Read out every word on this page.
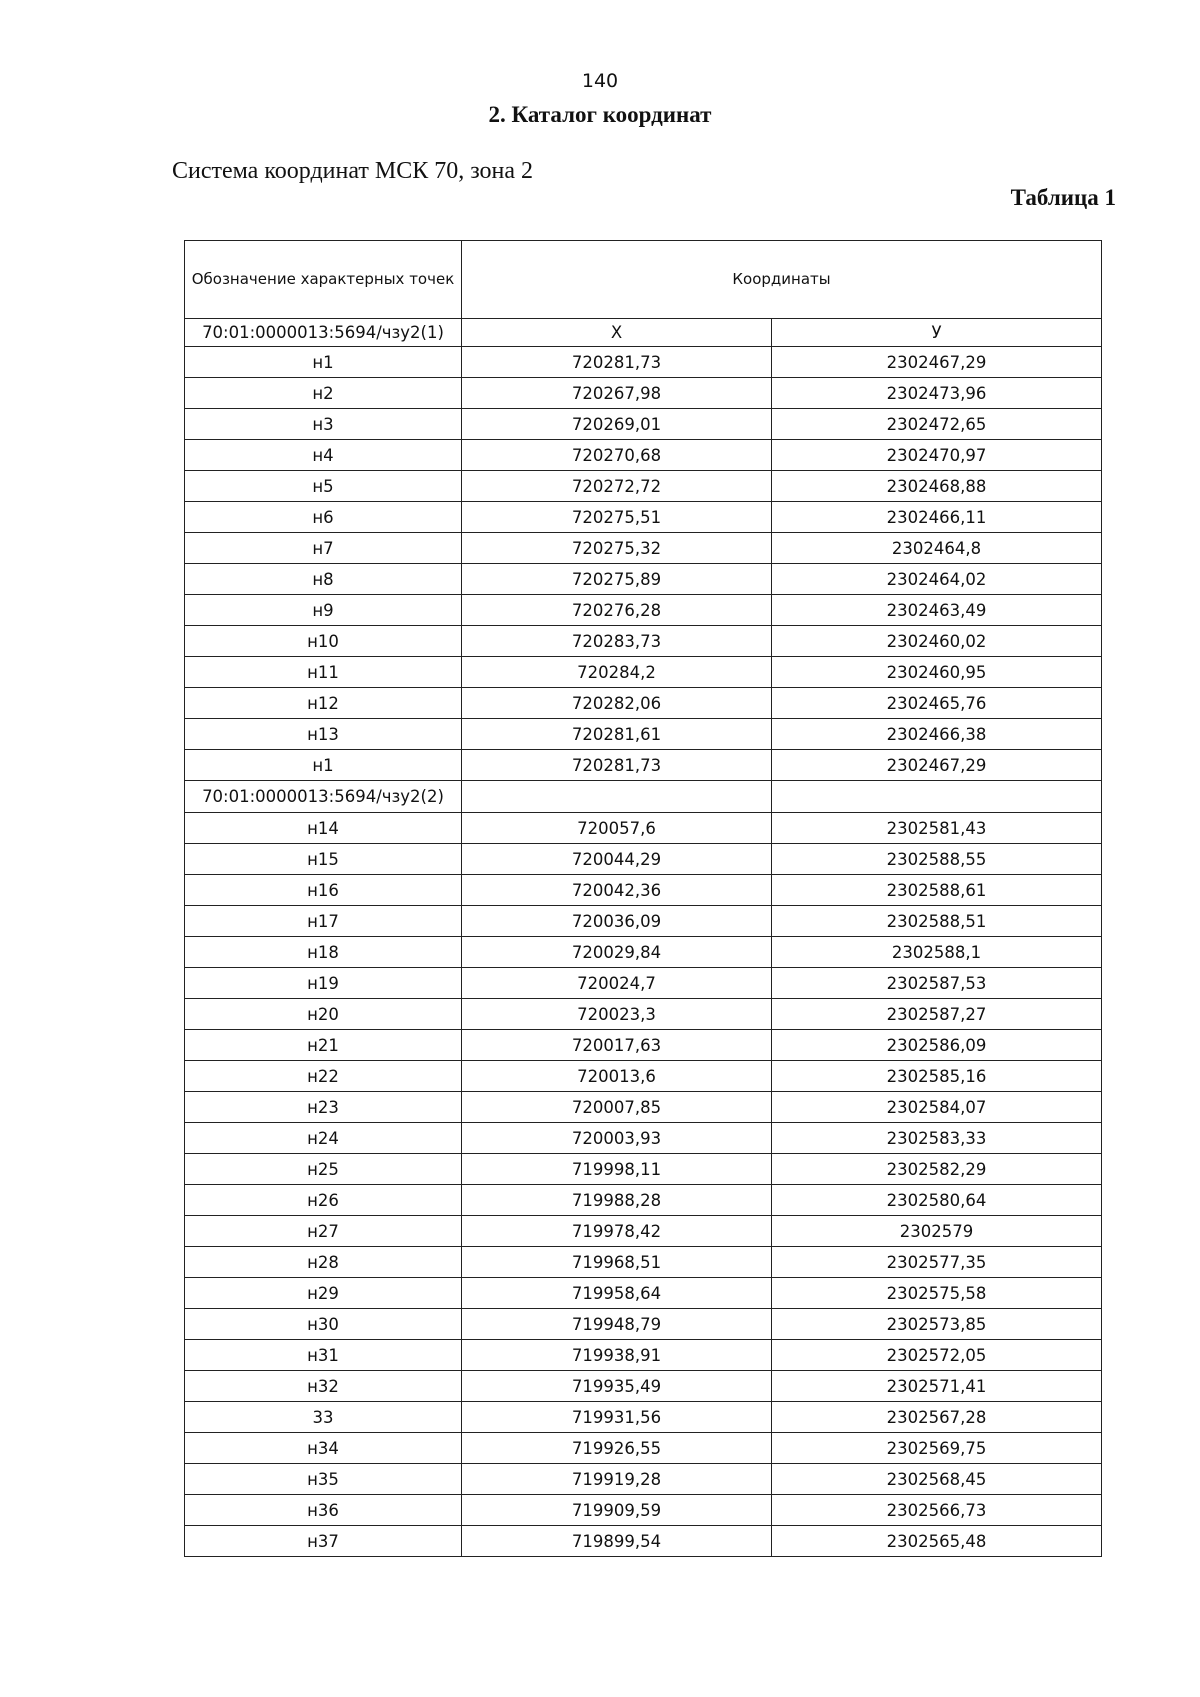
140
2. Каталог координат
Система координат МСК 70, зона 2
Таблица 1
Обозначение характерных точек	Координаты	
70:01:0000013:5694/чзу2(1)	X	У
н1	720281,73	2302467,29
н2	720267,98	2302473,96
н3	720269,01	2302472,65
н4	720270,68	2302470,97
н5	720272,72	2302468,88
н6	720275,51	2302466,11
н7	720275,32	2302464,8
н8	720275,89	2302464,02
н9	720276,28	2302463,49
н10	720283,73	2302460,02
н11	720284,2	2302460,95
н12	720282,06	2302465,76
н13	720281,61	2302466,38
н1	720281,73	2302467,29
70:01:0000013:5694/чзу2(2)		
н14	720057,6	2302581,43
н15	720044,29	2302588,55
н16	720042,36	2302588,61
н17	720036,09	2302588,51
н18	720029,84	2302588,1
н19	720024,7	2302587,53
н20	720023,3	2302587,27
н21	720017,63	2302586,09
н22	720013,6	2302585,16
н23	720007,85	2302584,07
н24	720003,93	2302583,33
н25	719998,11	2302582,29
н26	719988,28	2302580,64
н27	719978,42	2302579
н28	719968,51	2302577,35
н29	719958,64	2302575,58
н30	719948,79	2302573,85
н31	719938,91	2302572,05
н32	719935,49	2302571,41
33	719931,56	2302567,28
н34	719926,55	2302569,75
н35	719919,28	2302568,45
н36	719909,59	2302566,73
н37	719899,54	2302565,48
